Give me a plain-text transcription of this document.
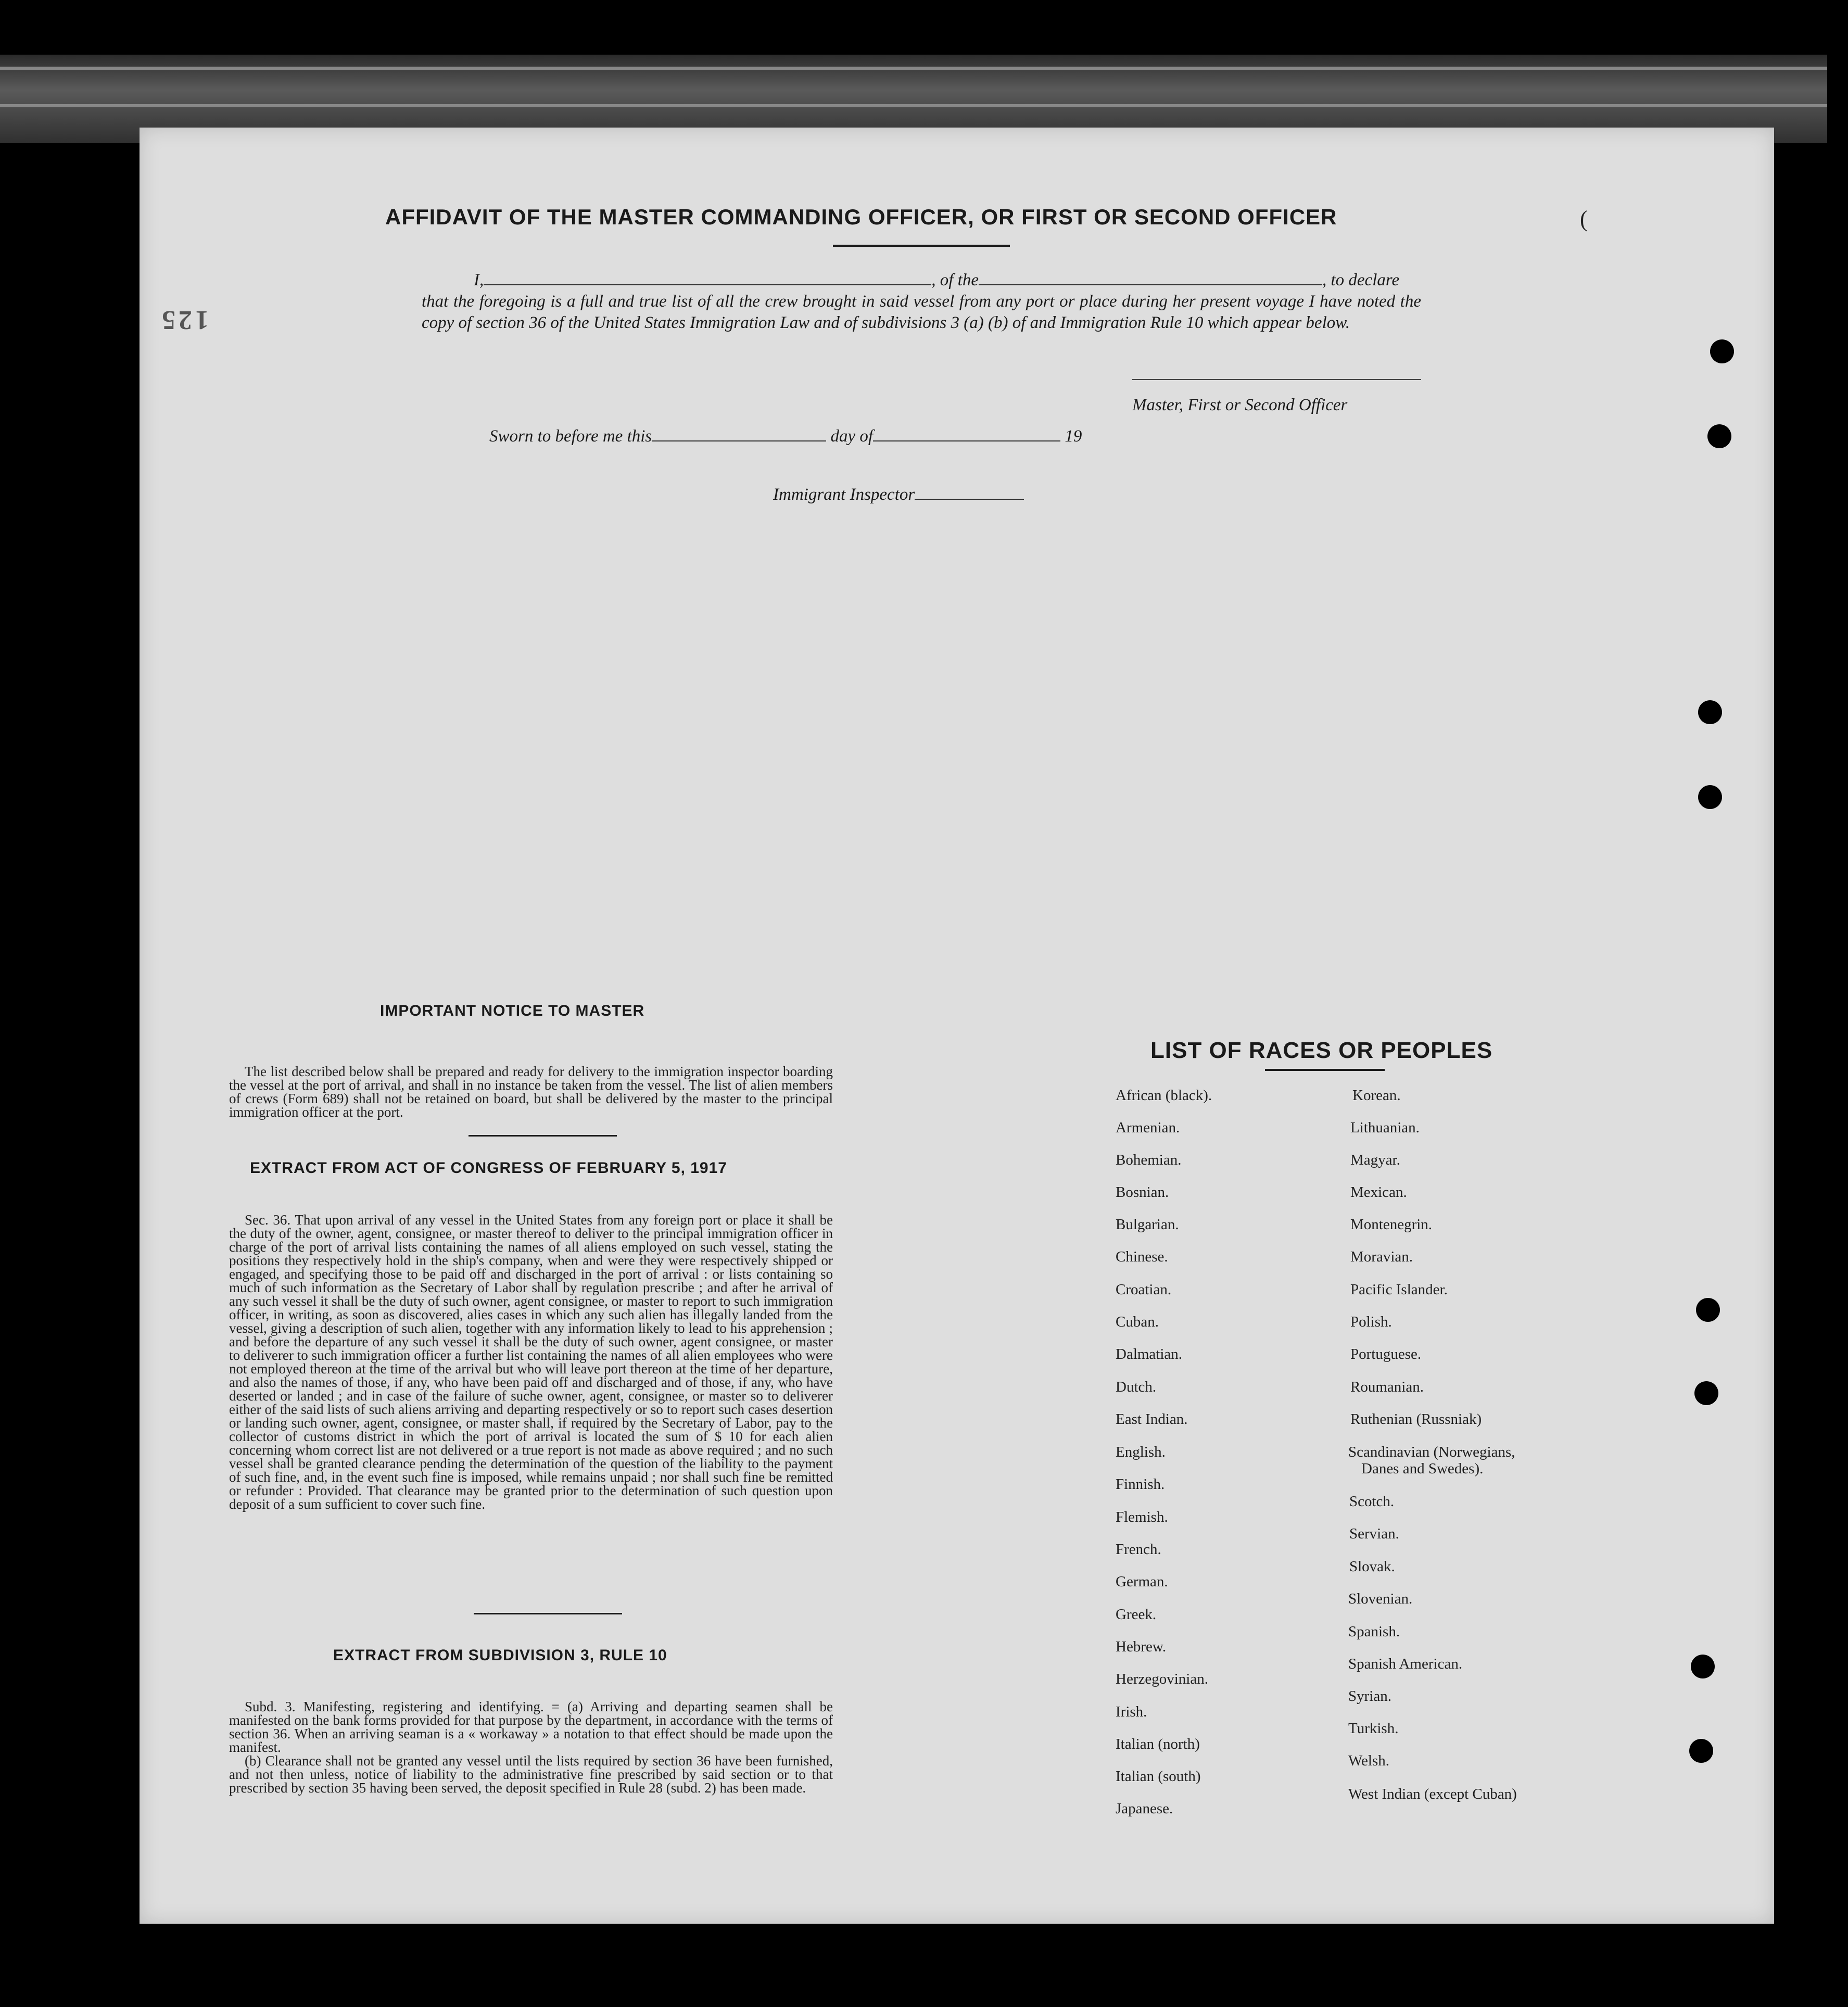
125
(
AFFIDAVIT OF THE MASTER COMMANDING OFFICER, OR FIRST OR SECOND OFFICER
I,	, of the	, to declare
that the foregoing is a full and true list of all the crew brought in said vessel from any port or place during her present voyage I have noted the copy of section 36 of the United States Immigration Law and of subdivisions 3 (a) (b) of and Immigration Rule 10 which appear below.
Master, First or Second Officer
Sworn to before me this	day of	19
Immigrant Inspector
IMPORTANT NOTICE TO MASTER
The list described below shall be prepared and ready for delivery to the immigration inspector boarding the vessel at the port of arrival, and shall in no instance be taken from the vessel. The list of alien members of crews (Form 689) shall not be retained on board, but shall be delivered by the master to the principal immigration officer at the port.
EXTRACT FROM ACT OF CONGRESS OF FEBRUARY 5, 1917
Sec. 36. That upon arrival of any vessel in the United States from any foreign port or place it shall be the duty of the owner, agent, consignee, or master thereof to deliver to the principal immigration officer in charge of the port of arrival lists containing the names of all aliens employed on such vessel, stating the positions they respectively hold in the ship's company, when and were they were respectively shipped or engaged, and specifying those to be paid off and discharged in the port of arrival : or lists containing so much of such information as the Secretary of Labor shall by regulation prescribe ; and after he arrival of any such vessel it shall be the duty of such owner, agent consignee, or master to report to such immigration officer, in writing, as soon as discovered, alies cases in which any such alien has illegally landed from the vessel, giving a description of such alien, together with any information likely to lead to his apprehension ; and before the departure of any such vessel it shall be the duty of such owner, agent consignee, or master to deliverer to such immigration officer a further list containing the names of all alien employees who were not employed thereon at the time of the arrival but who will leave port thereon at the time of her departure, and also the names of those, if any, who have been paid off and discharged and of those, if any, who have deserted or landed ; and in case of the failure of suche owner, agent, consignee, or master so to deliverer either of the said lists of such aliens arriving and departing respectively or so to report such cases desertion or landing such owner, agent, consignee, or master shall, if required by the Secretary of Labor, pay to the collector of customs district in which the port of arrival is located the sum of $ 10 for each alien concerning whom correct list are not delivered or a true report is not made as above required ; and no such vessel shall be granted clearance pending the determination of the question of the liability to the payment of such fine, and, in the event such fine is imposed, while remains unpaid ; nor shall such fine be remitted or refunder : Provided. That clearance may be granted prior to the determination of such question upon deposit of a sum sufficient to cover such fine.
EXTRACT FROM SUBDIVISION 3, RULE 10
Subd. 3. Manifesting, registering and identifying. = (a) Arriving and departing seamen shall be manifested on the bank forms provided for that purpose by the department, in accordance with the terms of section 36. When an arriving seaman is a « workaway » a notation to that effect should be made upon the manifest.
(b) Clearance shall not be granted any vessel until the lists required by section 36 have been furnished, and not then unless, notice of liability to the administrative fine prescribed by said section or to that prescribed by section 35 having been served, the deposit specified in Rule 28 (subd. 2) has been made.
LIST OF RACES OR PEOPLES
African (black).
Armenian.
Bohemian.
Bosnian.
Bulgarian.
Chinese.
Croatian.
Cuban.
Dalmatian.
Dutch.
East Indian.
English.
Finnish.
Flemish.
French.
German.
Greek.
Hebrew.
Herzegovinian.
Irish.
Italian (north)
Italian (south)
Japanese.
Korean.
Lithuanian.
Magyar.
Mexican.
Montenegrin.
Moravian.
Pacific Islander.
Polish.
Portuguese.
Roumanian.
Ruthenian (Russniak)
Scandinavian (Norwegians,
Danes and Swedes).
Scotch.
Servian.
Slovak.
Slovenian.
Spanish.
Spanish American.
Syrian.
Turkish.
Welsh.
West Indian (except Cuban)
